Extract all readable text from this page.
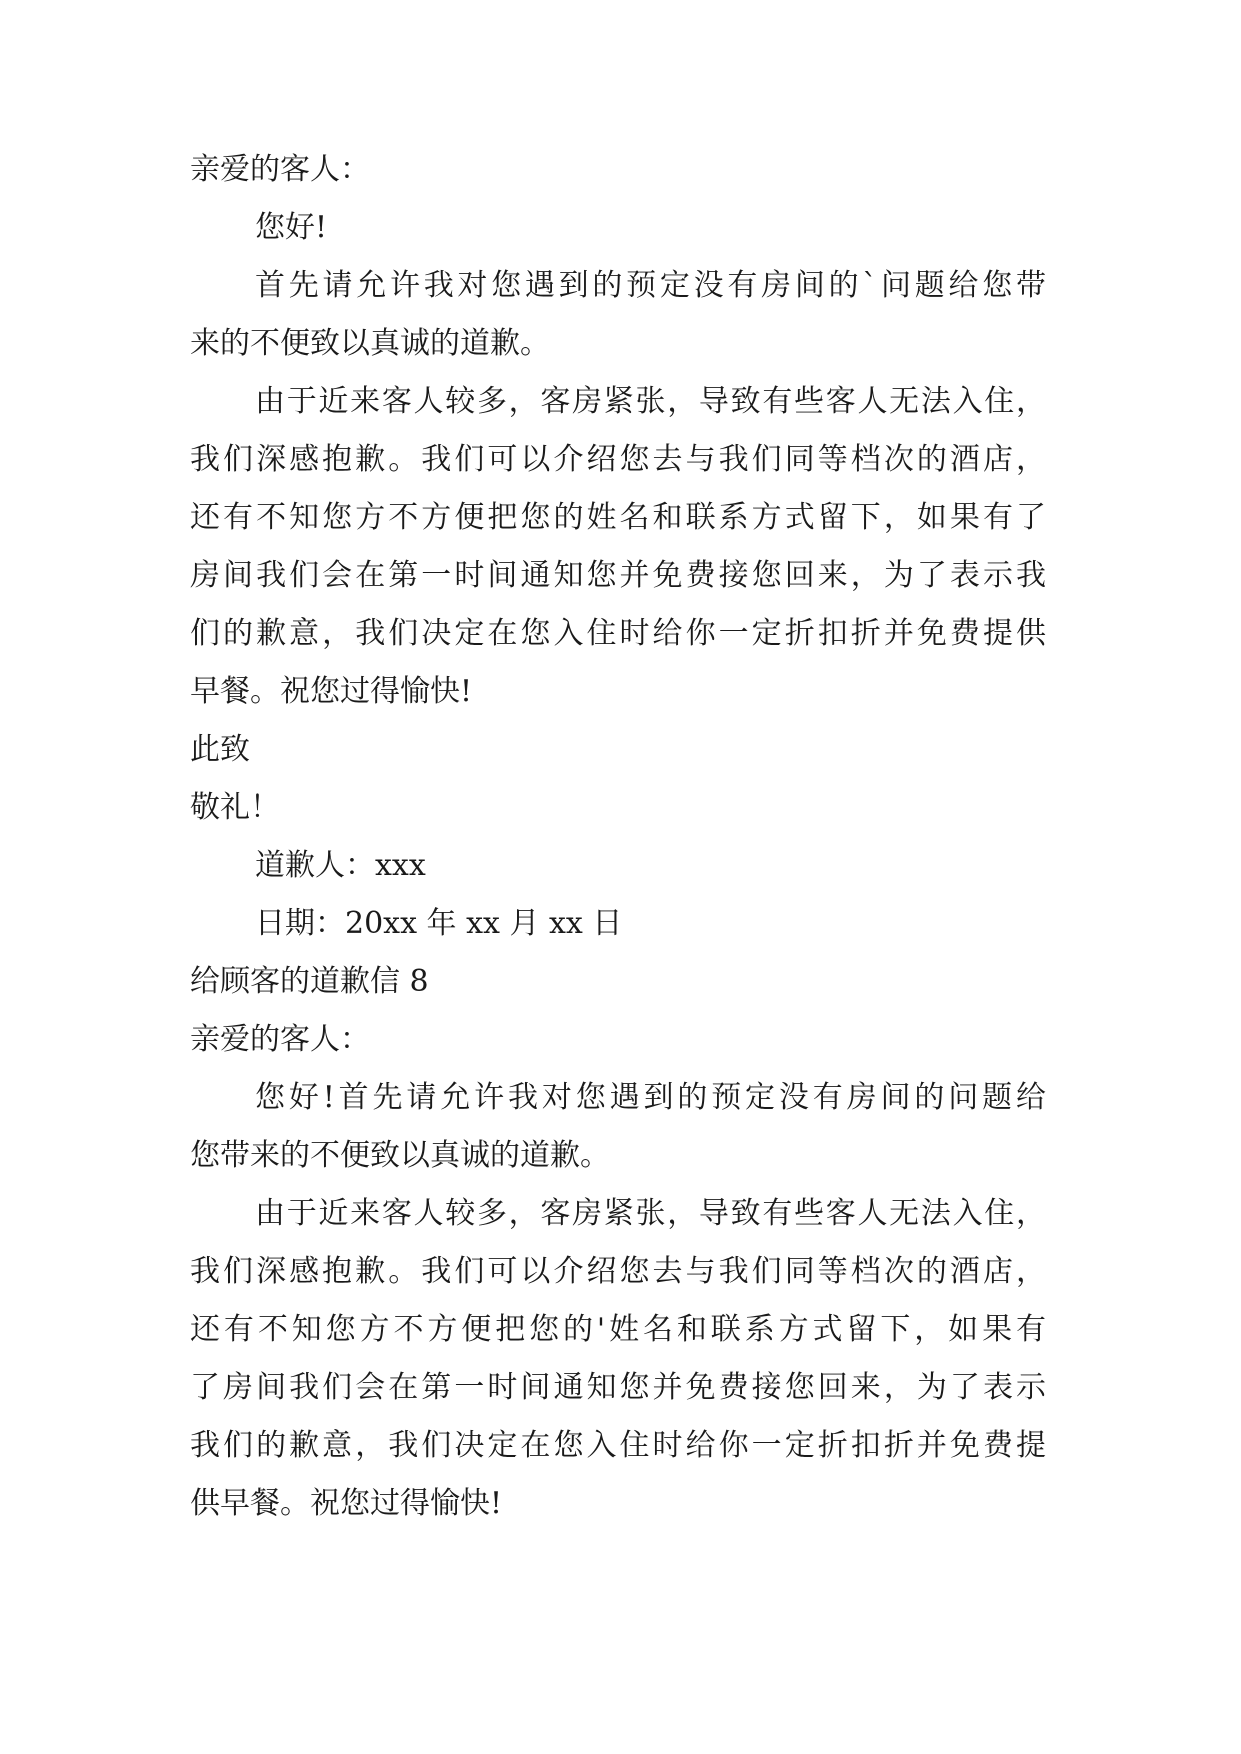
亲爱的客人：
您好!
首先请允许我对您遇到的预定没有房间的`问题给您带
来的不便致以真诚的道歉。
由于近来客人较多，客房紧张，导致有些客人无法入住，
我们深感抱歉。我们可以介绍您去与我们同等档次的酒店，
还有不知您方不方便把您的姓名和联系方式留下，如果有了
房间我们会在第一时间通知您并免费接您回来，为了表示我
们的歉意，我们决定在您入住时给你一定折扣折并免费提供
早餐。祝您过得愉快!
此致
敬礼！
道歉人：xxx
日期：20xx 年 xx 月 xx 日
给顾客的道歉信 8
亲爱的客人：
您好!首先请允许我对您遇到的预定没有房间的问题给
您带来的不便致以真诚的道歉。
由于近来客人较多，客房紧张，导致有些客人无法入住，
我们深感抱歉。我们可以介绍您去与我们同等档次的酒店，
还有不知您方不方便把您的'姓名和联系方式留下，如果有
了房间我们会在第一时间通知您并免费接您回来，为了表示
我们的歉意，我们决定在您入住时给你一定折扣折并免费提
供早餐。祝您过得愉快!
